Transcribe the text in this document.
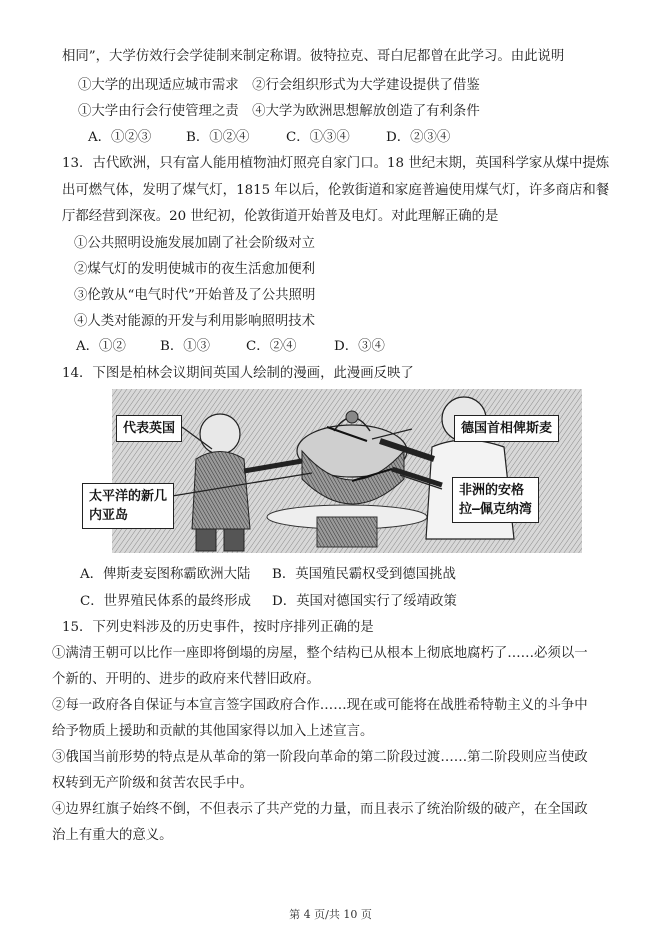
相同”，大学仿效行会学徒制来制定称谓。彼特拉克、哥白尼都曾在此学习。由此说明
①大学的出现适应城市需求　②行会组织形式为大学建设提供了借鉴
①大学由行会行使管理之责　④大学为欧洲思想解放创造了有利条件
A．①②③	B．①②④	C．①③④	D．②③④
13．古代欧洲，只有富人能用植物油灯照亮自家门口。18 世纪末期，英国科学家从煤中提炼
出可燃气体，发明了煤气灯，1815 年以后，伦敦街道和家庭普遍使用煤气灯，许多商店和餐
厅都经营到深夜。20 世纪初，伦敦街道开始普及电灯。对此理解正确的是
①公共照明设施发展加剧了社会阶级对立
②煤气灯的发明使城市的夜生活愈加便利
③伦敦从“电气时代”开始普及了公共照明
④人类对能源的开发与利用影响照明技术
A．①②	B．①③	C．②④	D．③④
14．下图是柏林会议期间英国人绘制的漫画，此漫画反映了
代表英国	德国首相俾斯麦
太平洋的新几
内亚岛
非洲的安格
拉—佩克纳湾
A．俾斯麦妄图称霸欧洲大陆	B．英国殖民霸权受到德国挑战
C．世界殖民体系的最终形成	D．英国对德国实行了绥靖政策
15．下列史料涉及的历史事件，按时序排列正确的是
①满清王朝可以比作一座即将倒塌的房屋，整个结构已从根本上彻底地腐朽了……必须以一
个新的、开明的、进步的政府来代替旧政府。
②每一政府各自保证与本宣言签字国政府合作……现在或可能将在战胜希特勒主义的斗争中
给予物质上援助和贡献的其他国家得以加入上述宣言。
③俄国当前形势的特点是从革命的第一阶段向革命的第二阶段过渡……第二阶段则应当使政
权转到无产阶级和贫苦农民手中。
④边界红旗子始终不倒，不但表示了共产党的力量，而且表示了统治阶级的破产，在全国政
治上有重大的意义。
第 4 页/共 10 页
